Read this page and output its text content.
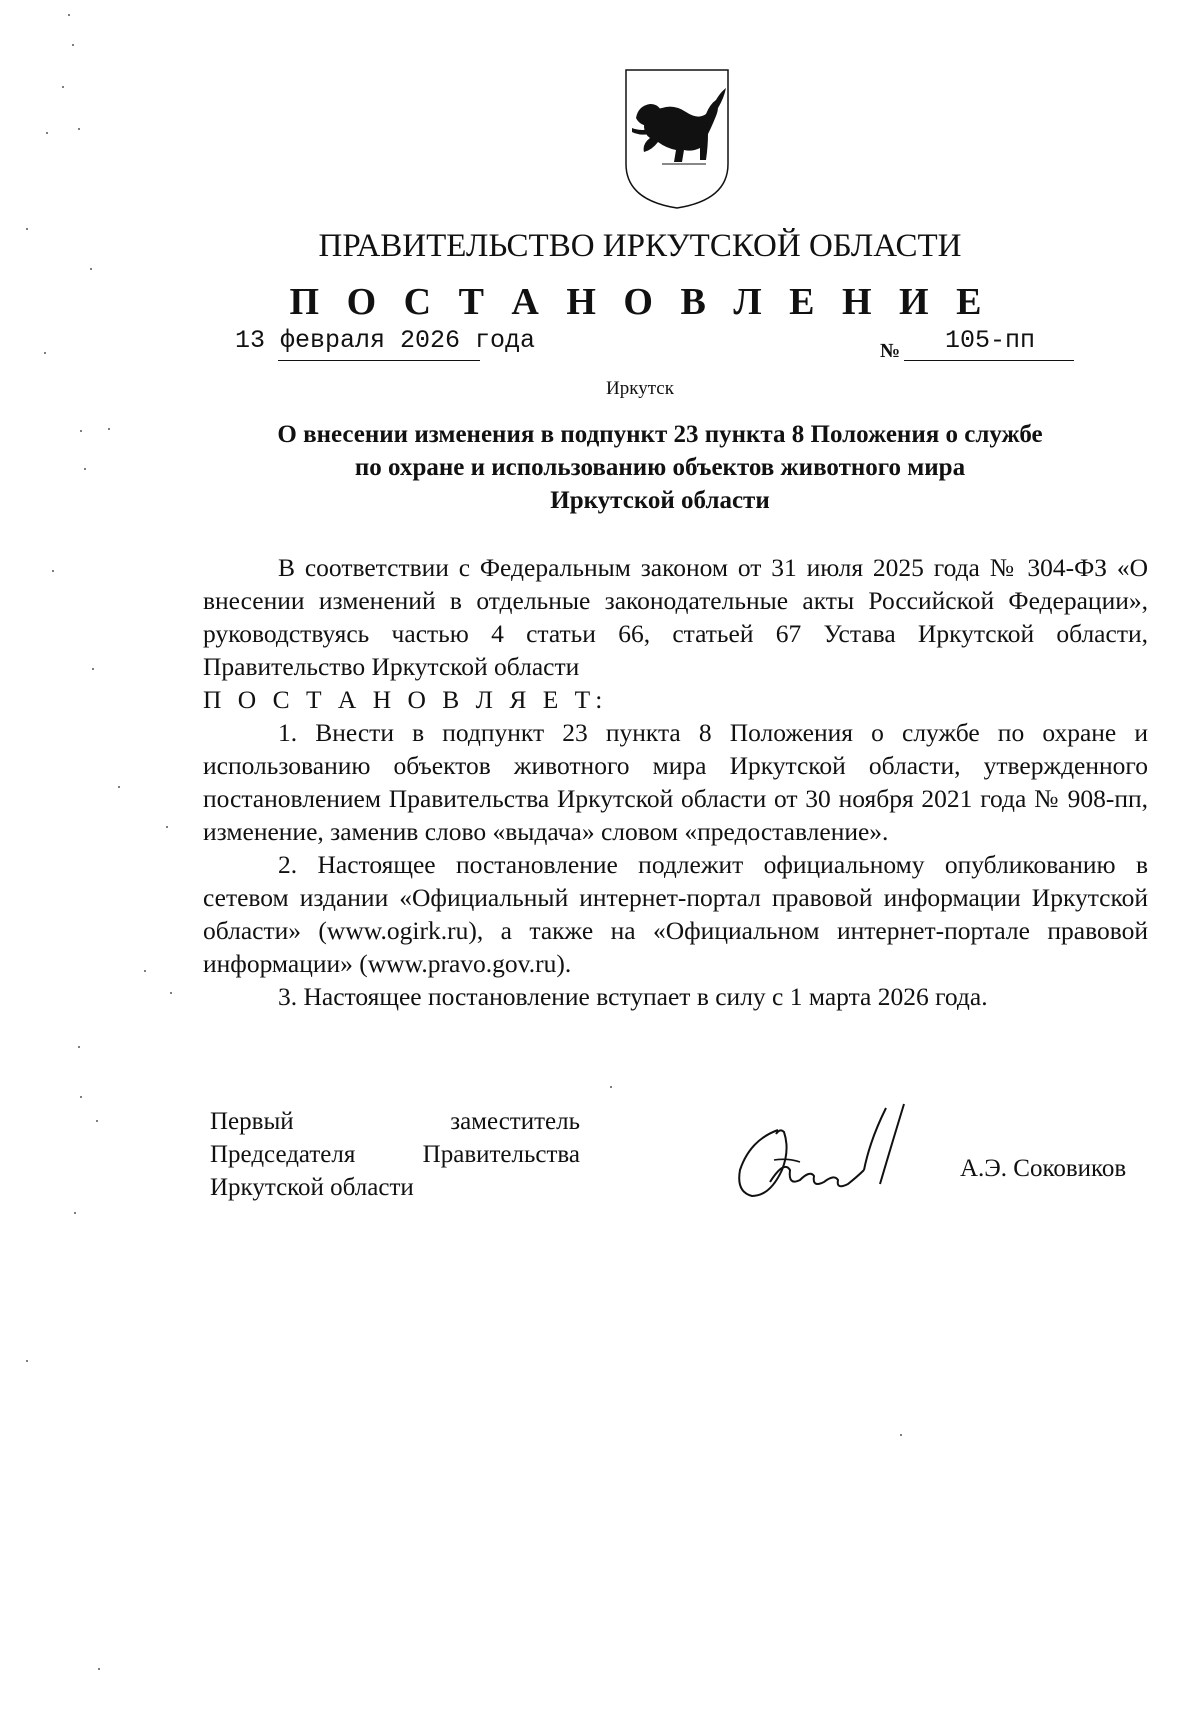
ПРАВИТЕЛЬСТВО ИРКУТСКОЙ ОБЛАСТИ
П О С Т А Н О В Л Е Н И Е
13 февраля 2026 года	№ 105-пп
Иркутск
О внесении изменения в подпункт 23 пункта 8 Положения о службе
по охране и использованию объектов животного мира
Иркутской области

В соответствии с Федеральным законом от 31 июля 2025 года № 304-ФЗ «О внесении изменений в отдельные законодательные акты Российской Федерации», руководствуясь частью 4 статьи 66, статьей 67 Устава Иркутской области, Правительство Иркутской области
П О С Т А Н О В Л Я Е Т:

1. Внести в подпункт 23 пункта 8 Положения о службе по охране и использованию объектов животного мира Иркутской области, утвержденного постановлением Правительства Иркутской области от 30 ноября 2021 года № 908-пп, изменение, заменив слово «выдача» словом «предоставление».

2. Настоящее постановление подлежит официальному опубликованию в сетевом издании «Официальный интернет-портал правовой информации Иркутской области» (www.ogirk.ru), а также на «Официальном интернет-портале правовой информации» (www.pravo.gov.ru).

3. Настоящее постановление вступает в силу с 1 марта 2026 года.

Первый	заместитель
Председателя	Правительства
Иркутской области
А.Э. Соковиков
